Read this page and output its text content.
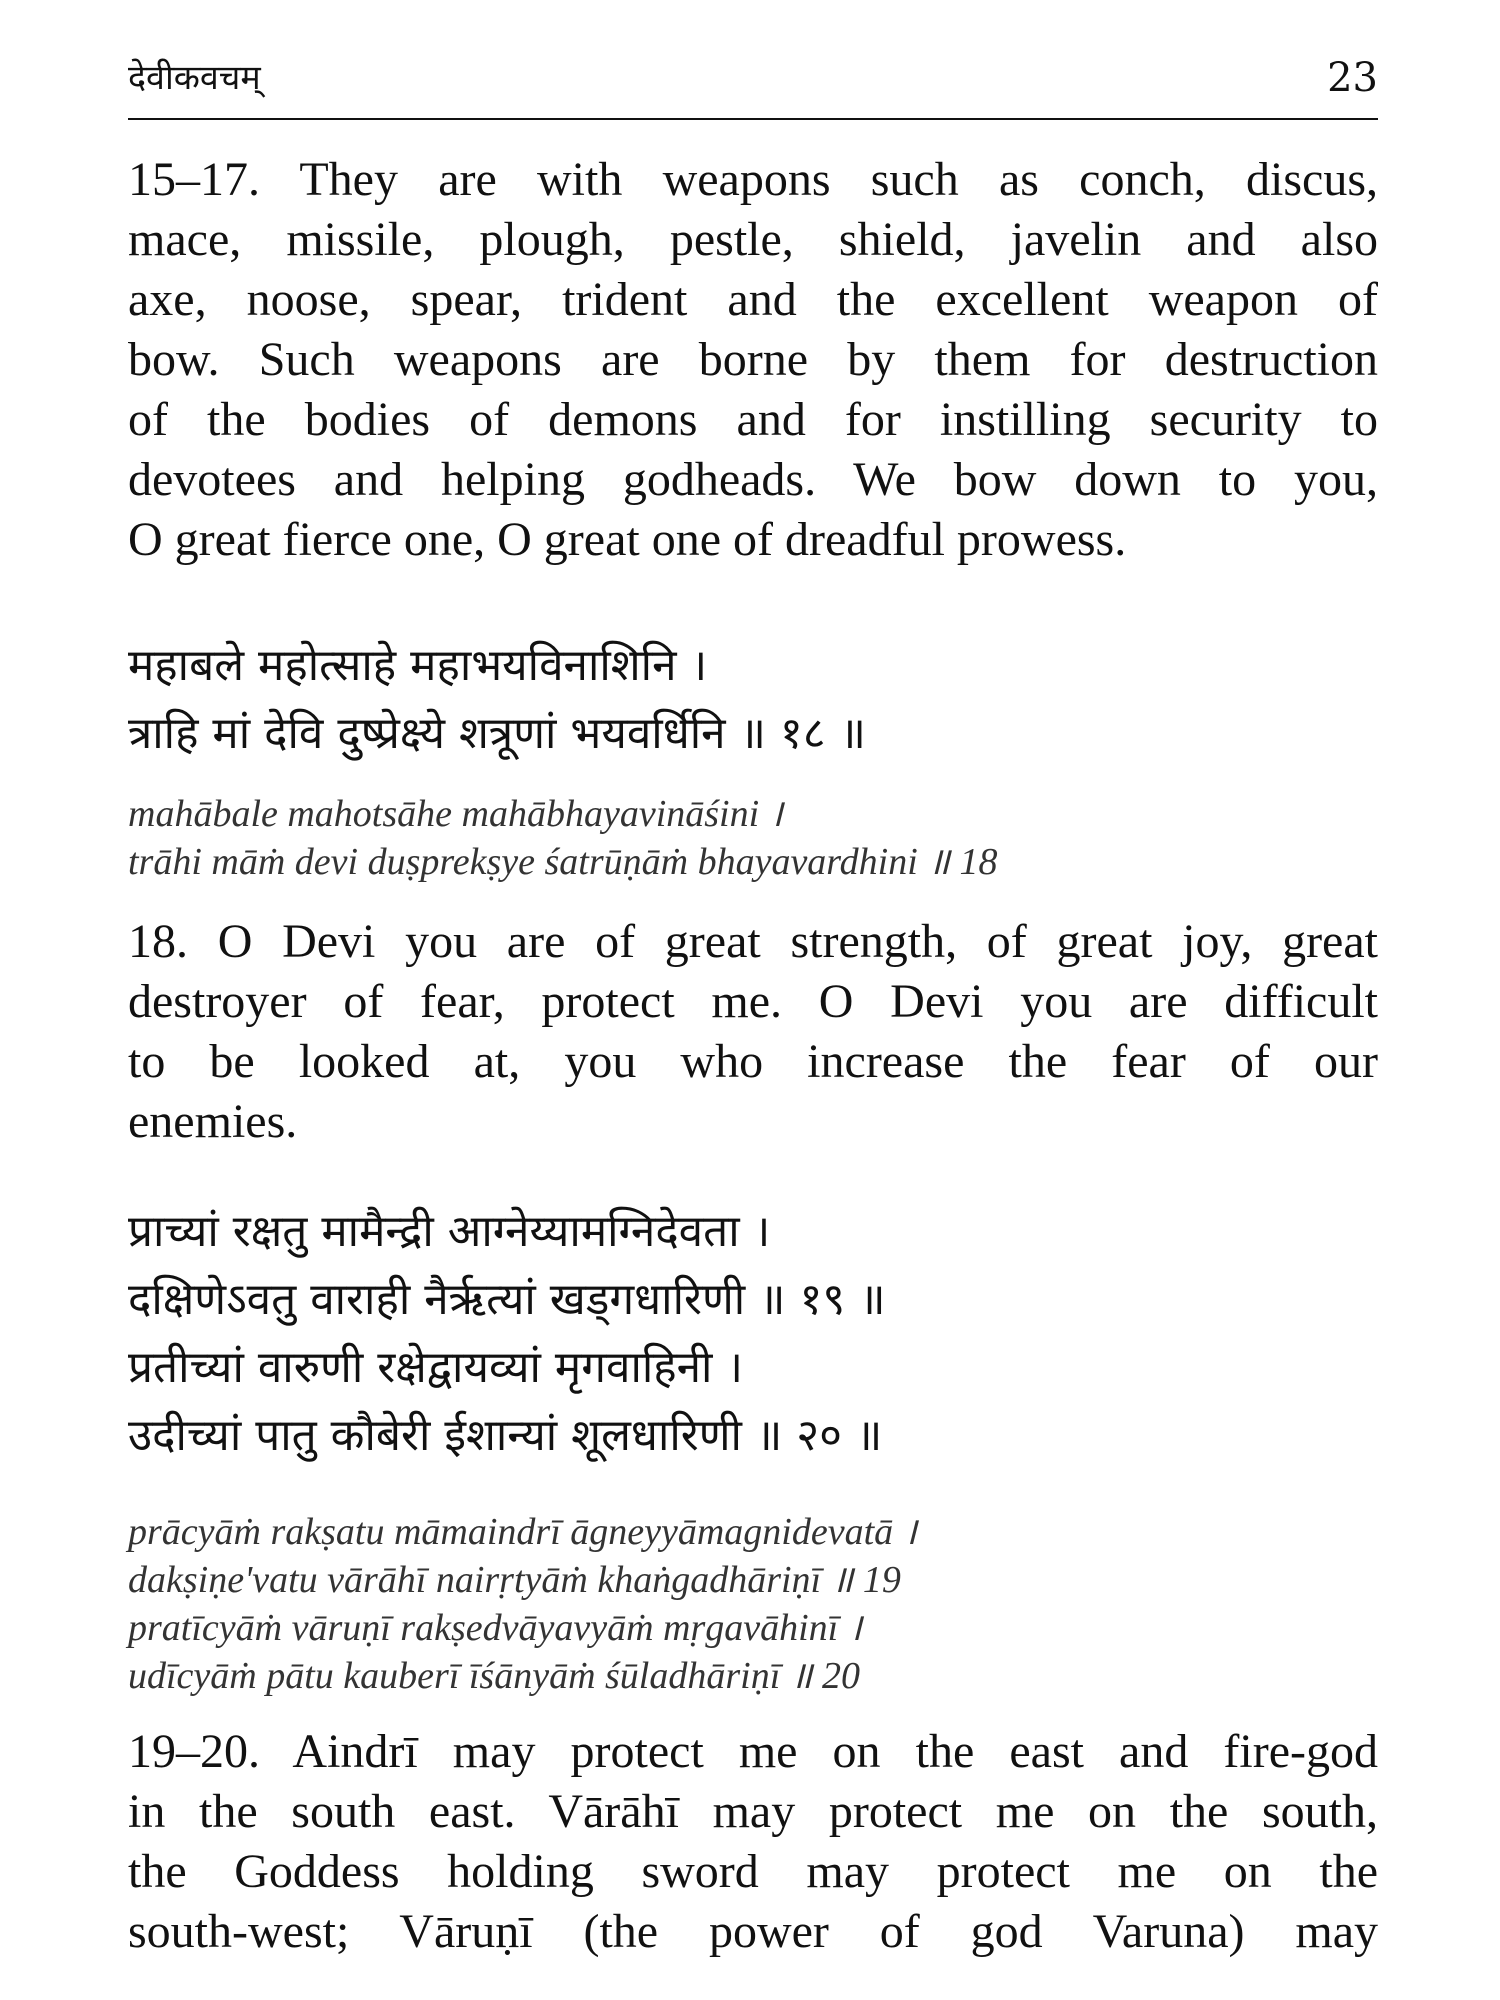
देवीकवचम्	23
15–17. They are with weapons such as conch, discus,
mace, missile, plough, pestle, shield, javelin and also
axe, noose, spear, trident and the excellent weapon of
bow. Such weapons are borne by them for destruction
of the bodies of demons and for instilling security to
devotees and helping godheads. We bow down to you,
O great fierce one, O great one of dreadful prowess.
महाबले महोत्साहे महाभयविनाशिनि ।
त्राहि मां देवि दुष्प्रेक्ष्ये शत्रूणां भयवर्धिनि ॥ १८ ॥
mahābale mahotsāhe mahābhayavināśini ।
trāhi māṁ devi duṣprekṣye śatrūṇāṁ bhayavardhini ॥ 18
18. O Devi you are of great strength, of great joy, great
destroyer of fear, protect me. O Devi you are difficult
to be looked at, you who increase the fear of our
enemies.
प्राच्यां रक्षतु मामैन्द्री आग्नेय्यामग्निदेवता ।
दक्षिणेऽवतु वाराही नैर्ऋत्यां खड्गधारिणी ॥ १९ ॥
प्रतीच्यां वारुणी रक्षेद्वायव्यां मृगवाहिनी ।
उदीच्यां पातु कौबेरी ईशान्यां शूलधारिणी ॥ २० ॥
prācyāṁ rakṣatu māmaindrī āgneyyāmagnidevatā ।
dakṣiṇe'vatu vārāhī nairṛtyāṁ khaṅgadhāriṇī ॥ 19
pratīcyāṁ vāruṇī rakṣedvāyavyāṁ mṛgavāhinī ।
udīcyāṁ pātu kauberī īśānyāṁ śūladhāriṇī ॥ 20
19–20. Aindrī may protect me on the east and fire-god
in the south east. Vārāhī may protect me on the south,
the Goddess holding sword may protect me on the
south-west; Vāruṇī (the power of god Varuna) may
